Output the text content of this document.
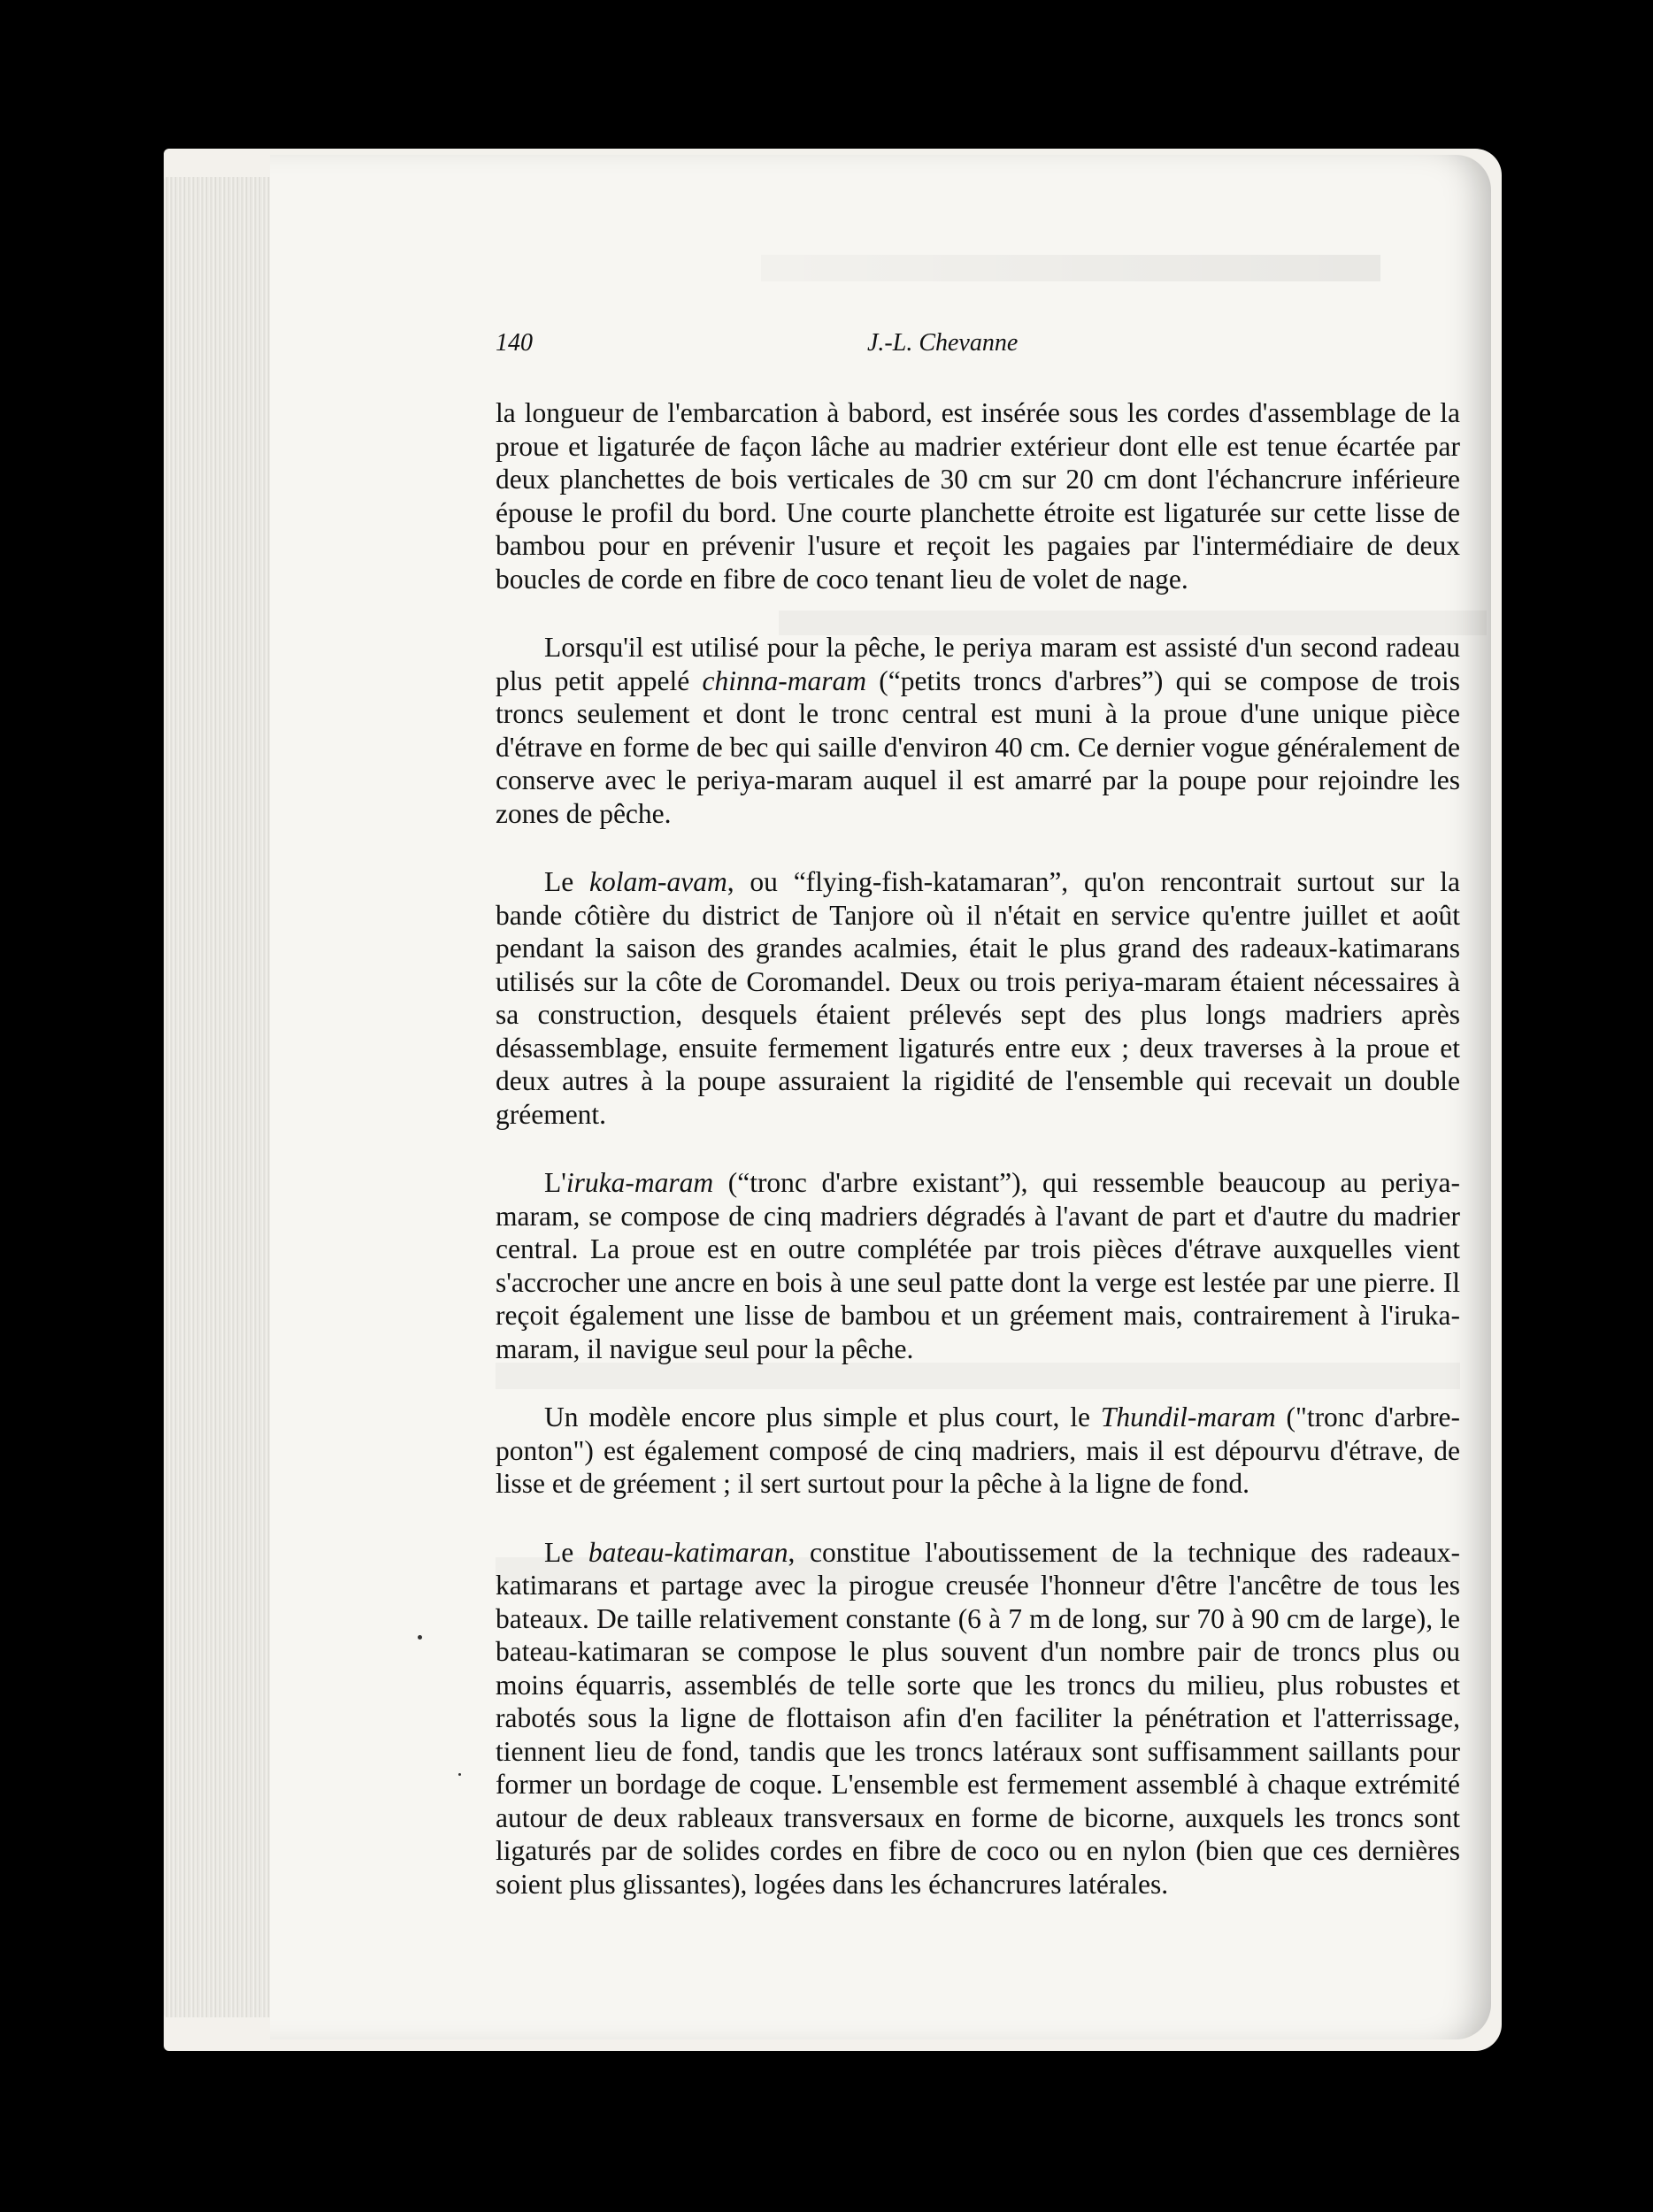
140	J.-L. Chevanne

la longueur de l'embarcation à babord, est insérée sous les cordes d'assemblage de la proue et ligaturée de façon lâche au madrier extérieur dont elle est tenue écartée par deux planchettes de bois verticales de 30 cm sur 20 cm dont l'échancrure inférieure épouse le profil du bord. Une courte planchette étroite est ligaturée sur cette lisse de bambou pour en prévenir l'usure et reçoit les pagaies par l'intermédiaire de deux boucles de corde en fibre de coco tenant lieu de volet de nage.

Lorsqu'il est utilisé pour la pêche, le periya maram est assisté d'un second radeau plus petit appelé chinna-maram (“petits troncs d'arbres”) qui se compose de trois troncs seulement et dont le tronc central est muni à la proue d'une unique pièce d'étrave en forme de bec qui saille d'environ 40 cm. Ce dernier vogue généralement de conserve avec le periya-maram auquel il est amarré par la poupe pour rejoindre les zones de pêche.

Le kolam-avam, ou “flying-fish-katamaran”, qu'on rencontrait surtout sur la bande côtière du district de Tanjore où il n'était en service qu'entre juillet et août pendant la saison des grandes acalmies, était le plus grand des radeaux-katimarans utilisés sur la côte de Coromandel. Deux ou trois periya-maram étaient nécessaires à sa construction, desquels étaient prélevés sept des plus longs madriers après désassemblage, ensuite fermement ligaturés entre eux ; deux traverses à la proue et deux autres à la poupe assuraient la rigidité de l'ensemble qui recevait un double gréement.

L'iruka-maram (“tronc d'arbre existant”), qui ressemble beaucoup au periya-maram, se compose de cinq madriers dégradés à l'avant de part et d'autre du madrier central. La proue est en outre complétée par trois pièces d'étrave auxquelles vient s'accrocher une ancre en bois à une seul patte dont la verge est lestée par une pierre. Il reçoit également une lisse de bambou et un gréement mais, contrairement à l'iruka-maram, il navigue seul pour la pêche.

Un modèle encore plus simple et plus court, le Thundil-maram ("tronc d'arbre-ponton") est également composé de cinq madriers, mais il est dépourvu d'étrave, de lisse et de gréement ; il sert surtout pour la pêche à la ligne de fond.

Le bateau-katimaran, constitue l'aboutissement de la technique des radeaux-katimarans et partage avec la pirogue creusée l'honneur d'être l'ancêtre de tous les bateaux. De taille relativement constante (6 à 7 m de long, sur 70 à 90 cm de large), le bateau-katimaran se compose le plus souvent d'un nombre pair de troncs plus ou moins équarris, assemblés de telle sorte que les troncs du milieu, plus robustes et rabotés sous la ligne de flottaison afin d'en faciliter la pénétration et l'atterrissage, tiennent lieu de fond, tandis que les troncs latéraux sont suffisamment saillants pour former un bordage de coque. L'ensemble est fermement assemblé à chaque extrémité autour de deux rableaux transversaux en forme de bicorne, auxquels les troncs sont ligaturés par de solides cordes en fibre de coco ou en nylon (bien que ces dernières soient plus glissantes), logées dans les échancrures latérales.
